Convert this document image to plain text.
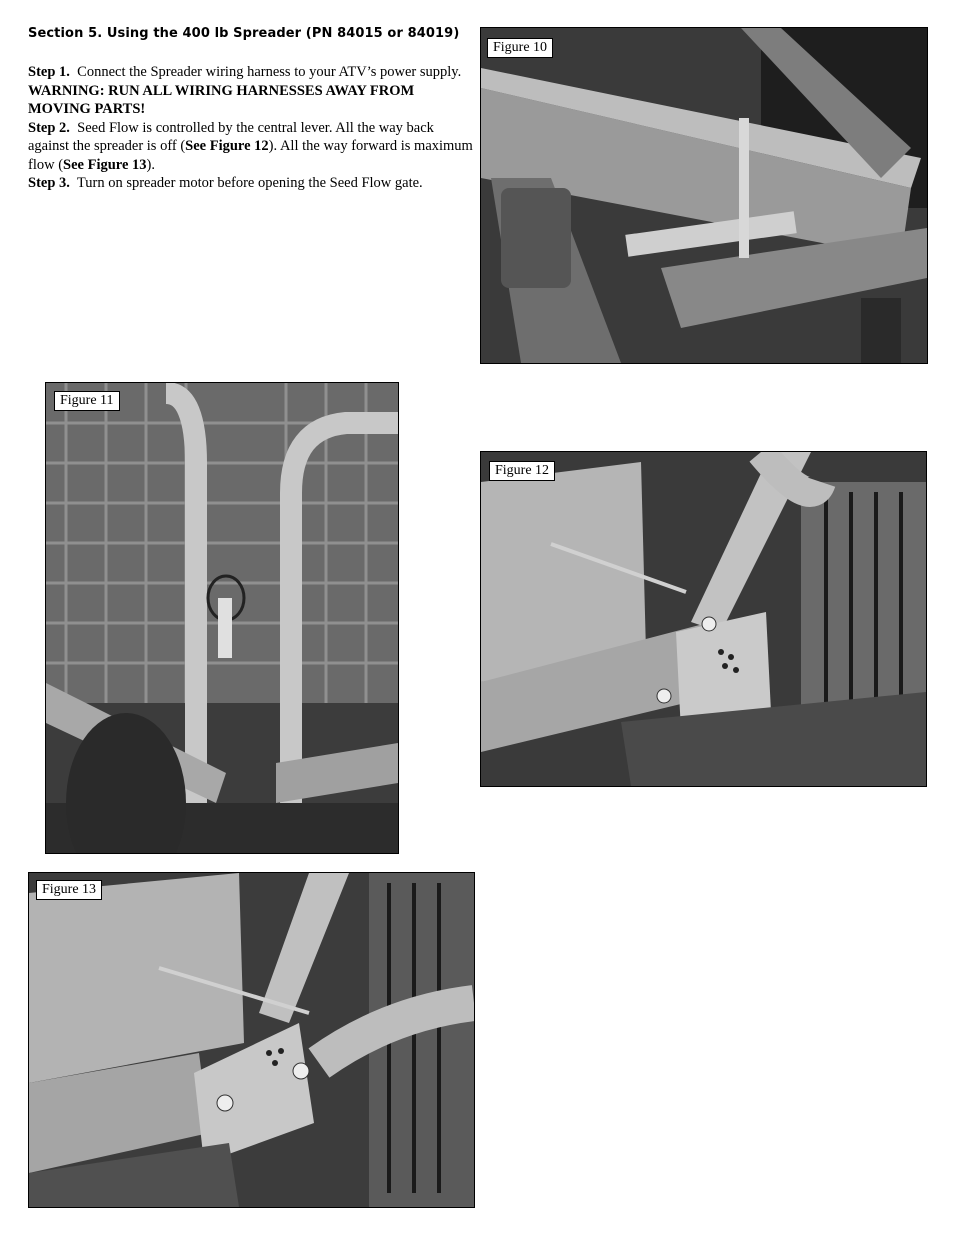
Section 5. Using the 400 lb Spreader (PN 84015 or 84019)

Step 1. Connect the Spreader wiring harness to your ATV’s power supply.  WARNING: RUN ALL WIRING HARNESSES AWAY FROM MOVING PARTS!

Step 2. Seed Flow is controlled by the central lever. All the way back against the spreader is off (See Figure 12). All the way forward is maximum flow (See Figure 13).

Step 3. Turn on spreader motor before opening the Seed Flow gate.

Figure 10
Figure 11
Figure 12
Figure 13
